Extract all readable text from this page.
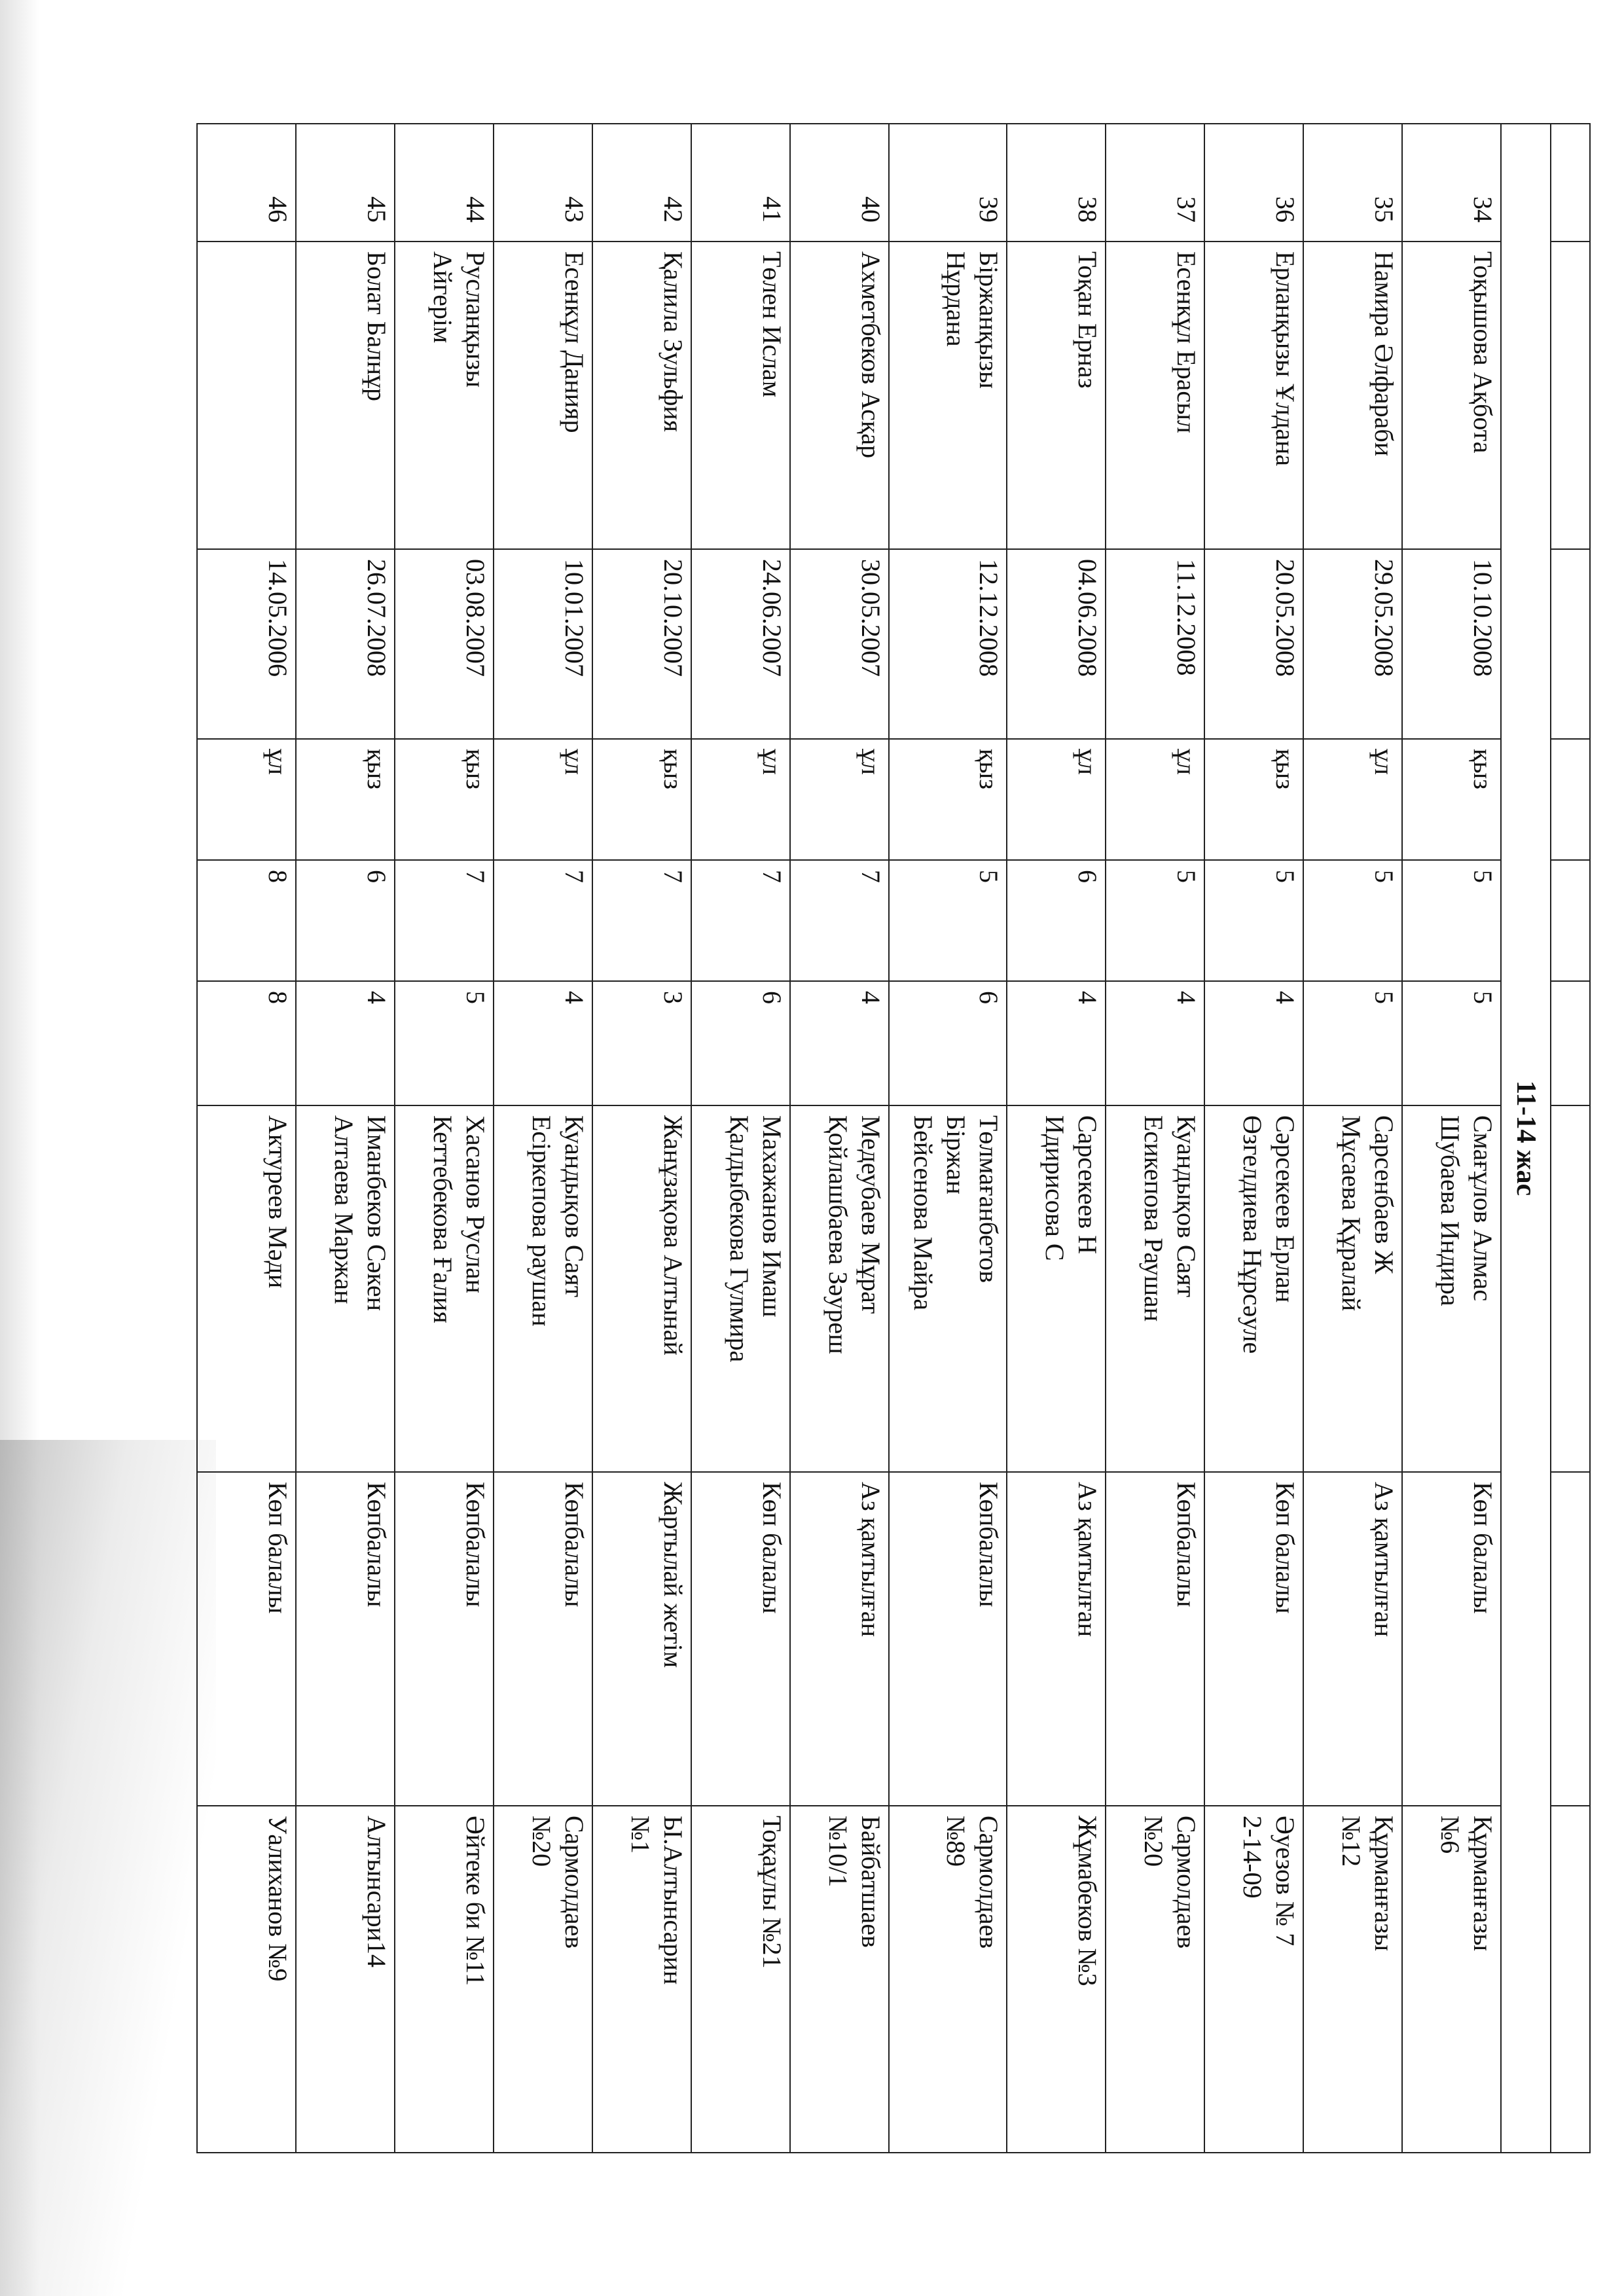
11-14 жас								
34	Тоқышова Ақбота	10.10.2008	қыз	5	5	Смағұлов Алмас
Шубаева Индира	Көп балалы	Құрманғазы
№6
35	Намира Әлфараби	29.05.2008	ұл	5	5	Сарсенбаев Ж
Мұсаева Құралай	Аз қамтылған	Құрманғазы
№12
36	Ерланқызы Ұлдана	20.05.2008	қыз	5	4	Сәрсекеев Ерлан
Өзгелдиева Нұрсәуле	Көп балалы	Әуезов № 7
2-14-09
37	Есенкұл Ерасыл	11.12.2008	ұл	5	4	Куандықов Саят
Есикепова Раушан	Көпбалалы	Сармолдаев
№20
38	Тоқан Ерназ	04.06.2008	ұл	6	4	Сарсекеев Н
Идирисова С	Аз қамтылған	Жұмабеков №3
39	Біржанқызы
Нұрдана	12.12.2008	қыз	5	6	Төлмағанбетов
Біржан
Бейсенова Майра	Көпбалалы	Сармолдаев
№89
40	Ахметбеков Асқар	30.05.2007	ұл	7	4	Медеубаев Мұрат
Қойлашбаева Зәуреш	Аз қамтылған	Байбатшаев
№10/1
41	Төлен Ислам	24.06.2007	ұл	7	6	Махажанов Имаш
Қалдыбекова Гулмира	Көп балалы	Тоқаұлы №21
42	Қалила Зульфия	20.10.2007	қыз	7	3	Жанұзақова Алтынай	Жартылай жетім	Ы.Алтынсарин
№1
43	Есенкұл Данияр	10.01.2007	ұл	7	4	Куандықов Саят
Есіркепова раушан	Көпбалалы	Сармолдаев
№20
44	Русланқызы
Айгерім	03.08.2007	қыз	7	5	Хасанов Руслан
Кеттебекова Ғалия	Көпбалалы	Әйтеке би №11
45	Болат Балнұр	26.07.2008	қыз	6	4	Иманбеков Сәкен
Алтаева Маржан	Көпбалалы	Алтынсари14
46		14.05.2006	ұл	8	8	Актуреев Мәди	Көп балалы	Уалиханов №9
